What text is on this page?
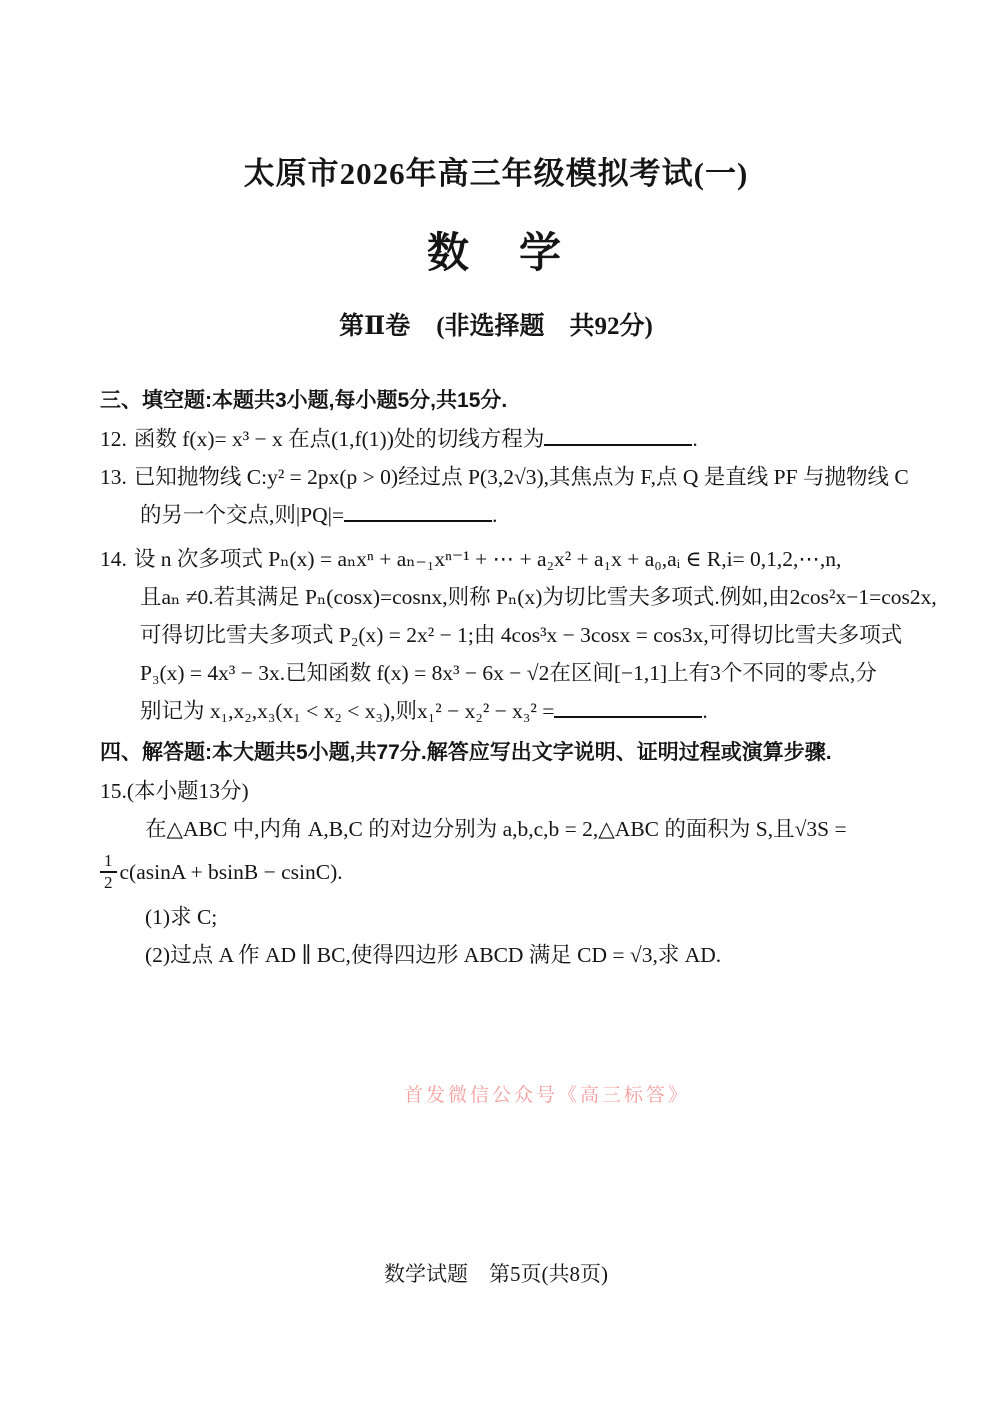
太原市2026年高三年级模拟考试(一)
数　学
第Ⅱ卷 (非选择题　共92分)
三、填空题:本题共3小题,每小题5分,共15分.
12. 函数 f(x)= x³ − x 在点(1,f(1))处的切线方程为	.
13. 已知抛物线 C:y² = 2px(p > 0)经过点 P(3,2√3),其焦点为 F,点 Q 是直线 PF 与抛物线 C
的另一个交点,则|PQ|=	.
14. 设 n 次多项式 Pₙ(x) = aₙxⁿ + aₙ₋₁xⁿ⁻¹ + ⋯ + a₂x² + a₁x + a₀,aᵢ ∈ R,i= 0,1,2,⋯,n,
且aₙ ≠0.若其满足 Pₙ(cosx)=cosnx,则称 Pₙ(x)为切比雪夫多项式.例如,由2cos²x−1=cos2x,
可得切比雪夫多项式 P₂(x) = 2x² − 1;由 4cos³x − 3cosx = cos3x,可得切比雪夫多项式
P₃(x) = 4x³ − 3x.已知函数 f(x) = 8x³ − 6x − √2在区间[−1,1]上有3个不同的零点,分
别记为 x₁,x₂,x₃(x₁ < x₂ < x₃),则x₁² − x₂² − x₃² =	.
四、解答题:本大题共5小题,共77分.解答应写出文字说明、证明过程或演算步骤.
15.(本小题13分)
在△ABC 中,内角 A,B,C 的对边分别为 a,b,c,b = 2,△ABC 的面积为 S,且√3S =
$\frac{1}{2} c(asinA + bsinB - csinC)$.
(1)求 C;
(2)过点 A 作 AD ∥ BC,使得四边形 ABCD 满足 CD = √3,求 AD.
首发微信公众号《高三标答》
数学试题　第5页(共8页)
